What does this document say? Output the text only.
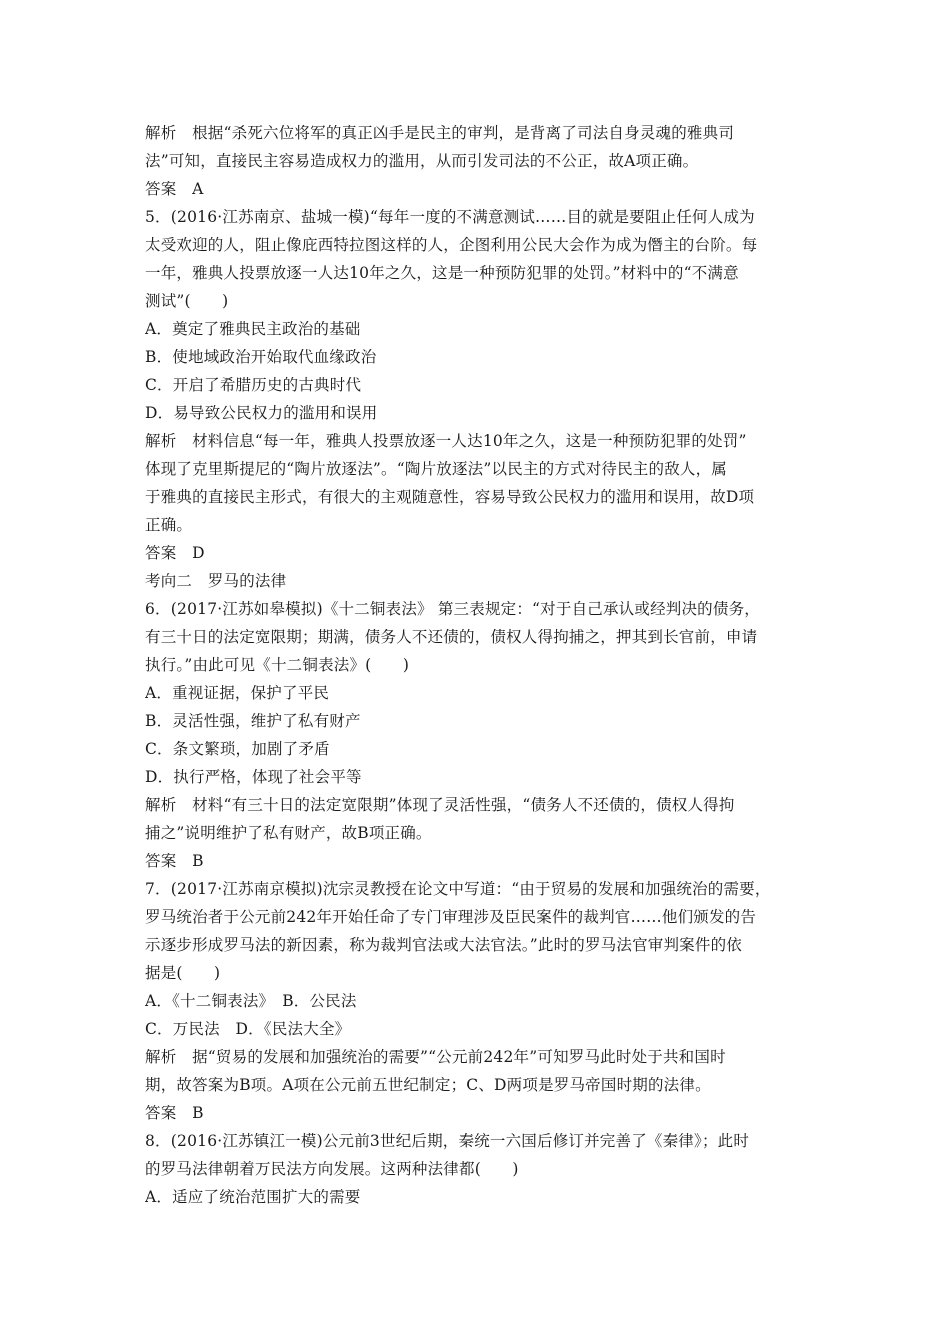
解析　根据“杀死六位将军的真正凶手是民主的审判，是背离了司法自身灵魂的雅典司
法”可知，直接民主容易造成权力的滥用，从而引发司法的不公正，故A项正确。
答案　A
5．(2016·江苏南京、盐城一模)“每年一度的不满意测试……目的就是要阻止任何人成为
太受欢迎的人，阻止像庇西特拉图这样的人，企图利用公民大会作为成为僭主的台阶。每
一年，雅典人投票放逐一人达10年之久，这是一种预防犯罪的处罚。”材料中的“不满意
测试”(　　)
A．奠定了雅典民主政治的基础
B．使地域政治开始取代血缘政治
C．开启了希腊历史的古典时代
D．易导致公民权力的滥用和误用
解析　材料信息“每一年，雅典人投票放逐一人达10年之久，这是一种预防犯罪的处罚”
体现了克里斯提尼的“陶片放逐法”。“陶片放逐法”以民主的方式对待民主的敌人，属
于雅典的直接民主形式，有很大的主观随意性，容易导致公民权力的滥用和误用，故D项
正确。
答案　D
考向二　罗马的法律
6．(2017·江苏如皋模拟)《十二铜表法》 第三表规定：“对于自己承认或经判决的债务，
有三十日的法定宽限期；期满，债务人不还债的，债权人得拘捕之，押其到长官前，申请
执行。”由此可见《十二铜表法》(　　)
A．重视证据，保护了平民
B．灵活性强，维护了私有财产
C．条文繁琐，加剧了矛盾
D．执行严格，体现了社会平等
解析　材料“有三十日的法定宽限期”体现了灵活性强，“债务人不还债的，债权人得拘
捕之”说明维护了私有财产，故B项正确。
答案　B
7．(2017·江苏南京模拟)沈宗灵教授在论文中写道：“由于贸易的发展和加强统治的需要，
罗马统治者于公元前242年开始任命了专门审理涉及臣民案件的裁判官……他们颁发的告
示逐步形成罗马法的新因素，称为裁判官法或大法官法。”此时的罗马法官审判案件的依
据是(　　)
A．《十二铜表法》　B．公民法
C．万民法　D．《民法大全》
解析　据“贸易的发展和加强统治的需要”“公元前242年”可知罗马此时处于共和国时
期，故答案为B项。A项在公元前五世纪制定；C、D两项是罗马帝国时期的法律。
答案　B
8．(2016·江苏镇江一模)公元前3世纪后期，秦统一六国后修订并完善了《秦律》；此时
的罗马法律朝着万民法方向发展。这两种法律都(　　)
A．适应了统治范围扩大的需要
